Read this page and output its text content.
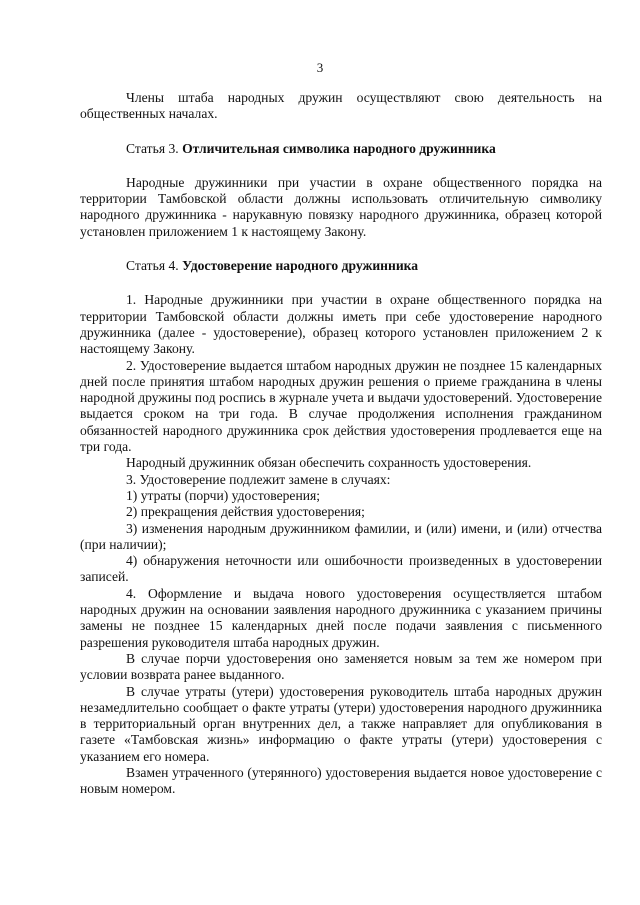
3

Члены штаба народных дружин осуществляют свою деятельность на общественных началах.

Статья 3. Отличительная символика народного дружинника

Народные дружинники при участии в охране общественного порядка на территории Тамбовской области должны использовать отличительную символику народного дружинника - нарукавную повязку народного дружинника, образец которой установлен приложением 1 к настоящему Закону.

Статья 4. Удостоверение народного дружинника

1. Народные дружинники при участии в охране общественного порядка на территории Тамбовской области должны иметь при себе удостоверение народного дружинника (далее - удостоверение), образец которого установлен приложением 2 к настоящему Закону.

2. Удостоверение выдается штабом народных дружин не позднее 15 календарных дней после принятия штабом народных дружин решения о приеме гражданина в члены народной дружины под роспись в журнале учета и выдачи удостоверений. Удостоверение выдается сроком на три года. В случае продолжения исполнения гражданином обязанностей народного дружинника срок действия удостоверения продлевается еще на три года.

Народный дружинник обязан обеспечить сохранность удостоверения.

3. Удостоверение подлежит замене в случаях:

1) утраты (порчи) удостоверения;

2) прекращения действия удостоверения;

3) изменения народным дружинником фамилии, и (или) имени, и (или) отчества (при наличии);

4) обнаружения неточности или ошибочности произведенных в удостоверении записей.

4. Оформление и выдача нового удостоверения осуществляется штабом народных дружин на основании заявления народного дружинника с указанием причины замены не позднее 15 календарных дней после подачи заявления с письменного разрешения руководителя штаба народных дружин.

В случае порчи удостоверения оно заменяется новым за тем же номером при условии возврата ранее выданного.

В случае утраты (утери) удостоверения руководитель штаба народных дружин незамедлительно сообщает о факте утраты (утери) удостоверения народного дружинника в территориальный орган внутренних дел, а также направляет для опубликования в газете «Тамбовская жизнь» информацию о факте утраты (утери) удостоверения с указанием его номера.

Взамен утраченного (утерянного) удостоверения выдается новое удостоверение с новым номером.
